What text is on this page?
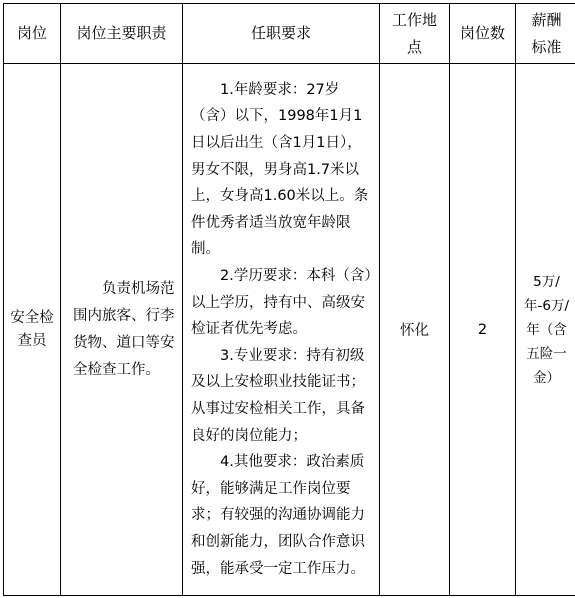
岗位	岗位主要职责	任职要求	工作地点	岗位数	薪酬标准

安全检查员	负责机场范围内旅客、行李货物、道口等安全检查工作。	1.年龄要求：27岁（含）以下，1998年1月1日以后出生（含1月1日），男女不限，男身高1.7米以上，女身高1.60米以上。条件优秀者适当放宽年龄限制。

2.学历要求：本科（含）以上学历，持有中、高级安检证者优先考虑。

3.专业要求：持有初级及以上安检职业技能证书；从事过安检相关工作，具备良好的岗位能力；

4.其他要求：政治素质好，能够满足工作岗位要求；有较强的沟通协调能力和创新能力，团队合作意识强，能承受一定工作压力。	怀化	2	5万/年-6万/年（含五险一金）
